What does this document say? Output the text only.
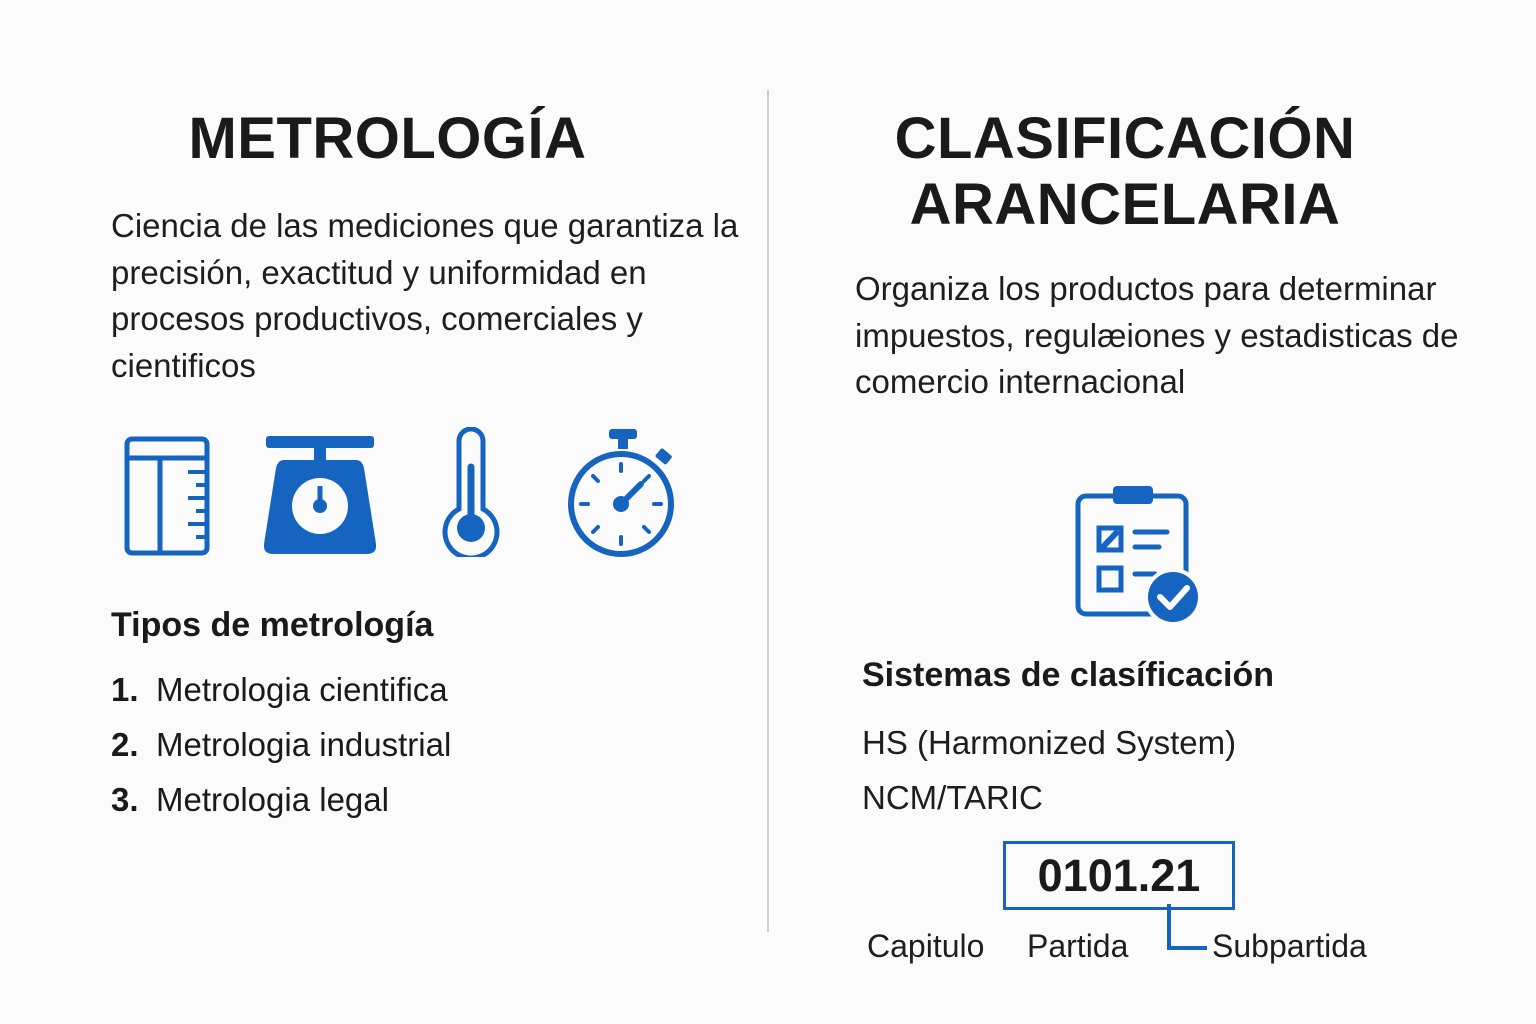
METROLOGÍA

Ciencia de las mediciones que garantiza la precisión, exactitud y uniformidad en procesos productivos, comerciales y cientificos

Tipos de metrología
1. Metrologia cientifica
2. Metrologia industrial
3. Metrologia legal
CLASIFICACIÓN ARANCELARIA

Organiza los productos para determinar impuestos, regulæiones y estadisticas de comercio internacional

Sistemas de clasíficación
HS (Harmonized System)
NCM/TARIC
0101.21
Capitulo Partida	Subpartida
